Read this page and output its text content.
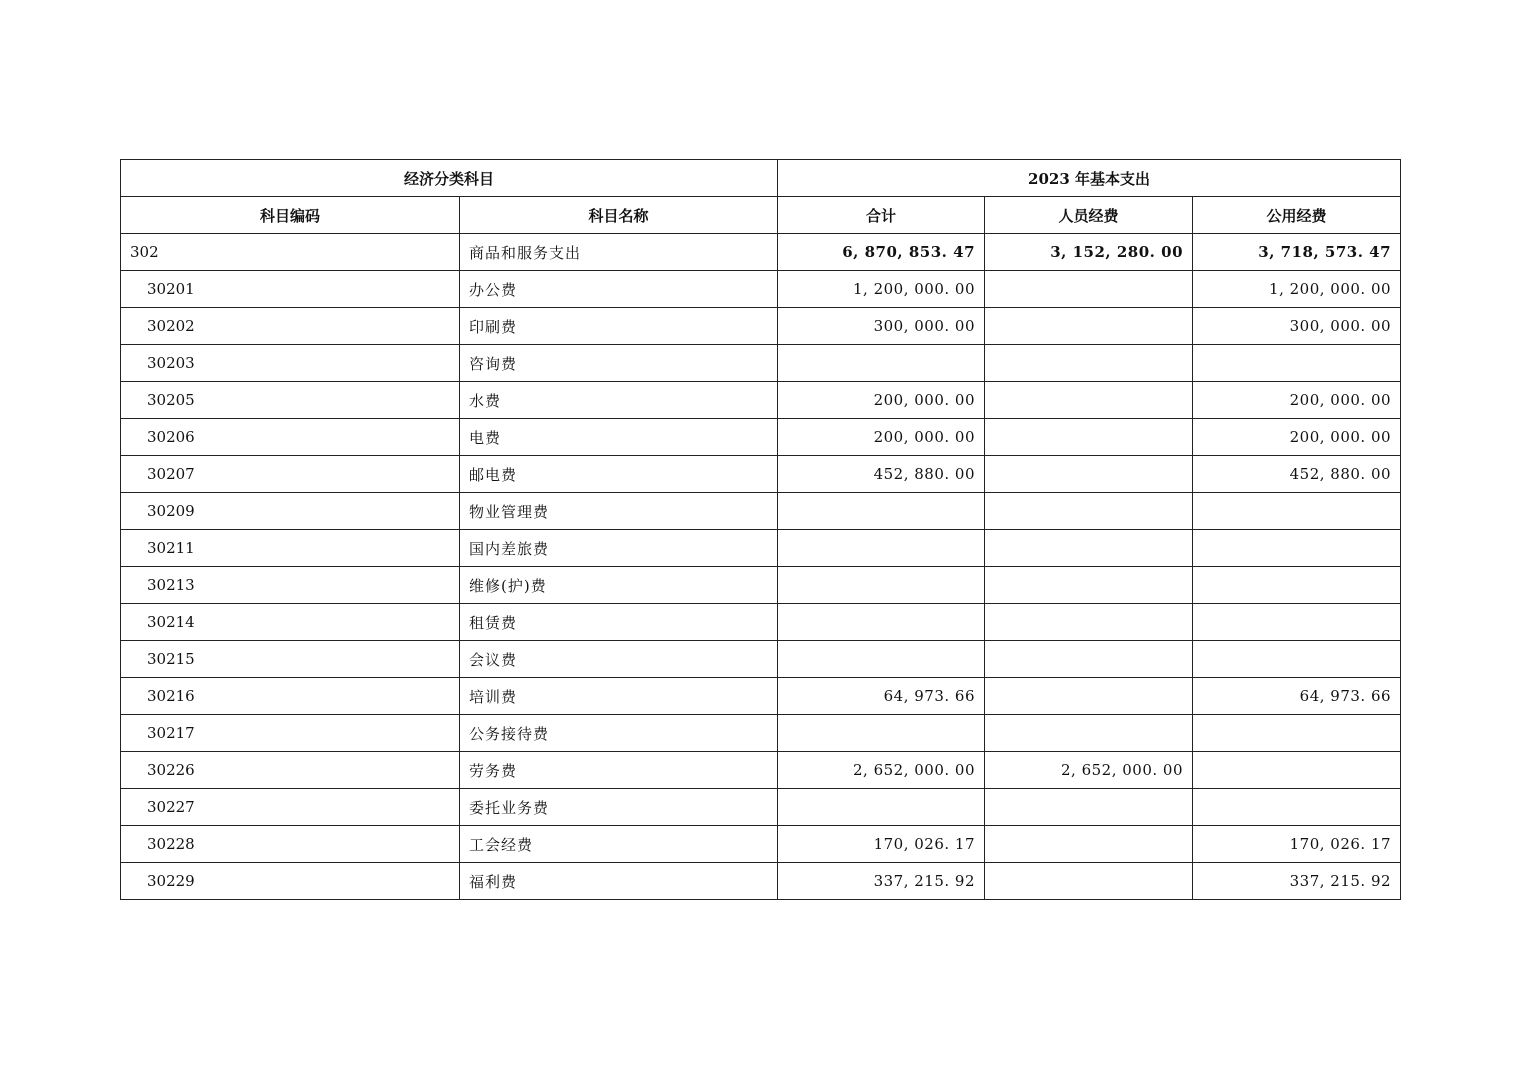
经济分类科目		2023 年基本支出		
科目编码	科目名称	合计	人员经费	公用经费
302	商品和服务支出	6, 870, 853. 47	3, 152, 280. 00	3, 718, 573. 47
30201	办公费	1, 200, 000. 00		1, 200, 000. 00
30202	印刷费	300, 000. 00		300, 000. 00
30203	咨询费			
30205	水费	200, 000. 00		200, 000. 00
30206	电费	200, 000. 00		200, 000. 00
30207	邮电费	452, 880. 00		452, 880. 00
30209	物业管理费			
30211	国内差旅费			
30213	维修(护)费			
30214	租赁费			
30215	会议费			
30216	培训费	64, 973. 66		64, 973. 66
30217	公务接待费			
30226	劳务费	2, 652, 000. 00	2, 652, 000. 00	
30227	委托业务费			
30228	工会经费	170, 026. 17		170, 026. 17
30229	福利费	337, 215. 92		337, 215. 92
